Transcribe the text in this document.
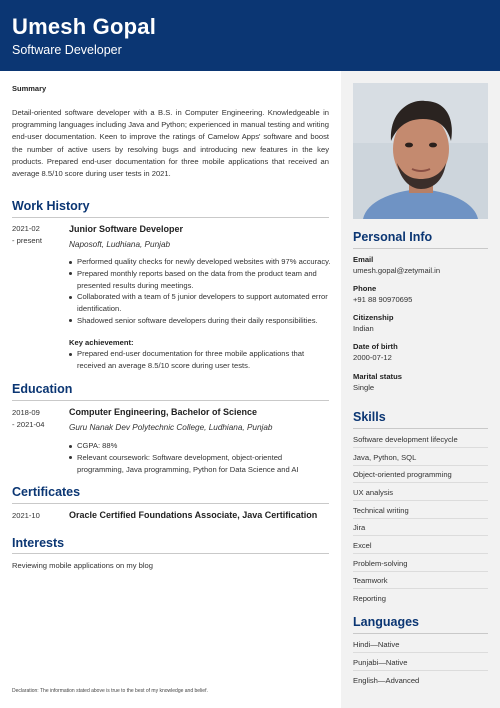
Umesh Gopal
Software Developer
Summary
Detail-oriented software developer with a B.S. in Computer Engineering. Knowledgeable in programming languages including Java and Python; experienced in manual testing and writing end-user documentation. Keen to improve the ratings of Camelow Apps' software and boost the number of active users by resolving bugs and introducing new features in the key products. Prepared end-user documentation for three mobile applications that received an average 8.5/10 score during user tests in 2021.
Work History
2021-02
- present
Junior Software Developer
Naposoft, Ludhiana, Punjab
Performed quality checks for newly developed websites with 97% accuracy.
Prepared monthly reports based on the data from the product team and presented results during meetings.
Collaborated with a team of 5 junior developers to support automated error identification.
Shadowed senior software developers during their daily responsibilities.
Key achievement:
Prepared end-user documentation for three mobile applications that received an average 8.5/10 score during user tests.
Education
2018-09
- 2021-04
Computer Engineering, Bachelor of Science
Guru Nanak Dev Polytechnic College, Ludhiana, Punjab
CGPA: 88%
Relevant coursework: Software development, object-oriented programming, Java programming, Python for Data Science and AI
Certificates
2021-10	Oracle Certified Foundations Associate, Java Certification
Interests
Reviewing mobile applications on my blog
Declaration: The information stated above is true to the best of my knowledge and belief.
Personal Info
Email
umesh.gopal@zetymail.in
Phone
+91 88 90970695
Citizenship
Indian
Date of birth
2000-07-12
Marital status
Single
Skills
Software development lifecycle
Java, Python, SQL
Object-oriented programming
UX analysis
Technical writing
Jira
Excel
Problem-solving
Teamwork
Reporting
Languages
Hindi—Native
Punjabi—Native
English—Advanced
